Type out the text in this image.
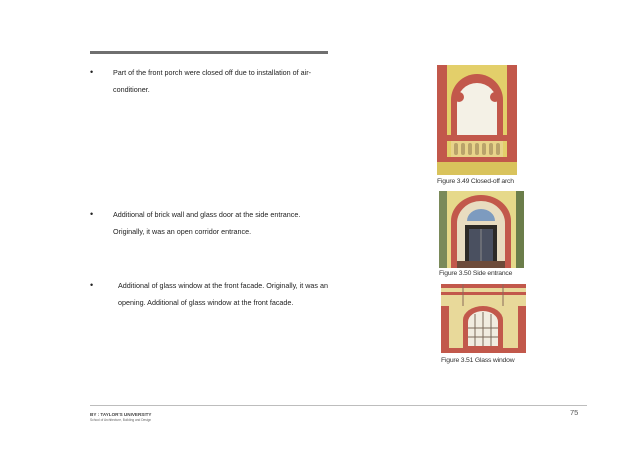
•	Part of the front porch were closed off due to installation of air-conditioner.
•	Additional of brick wall and glass door at the side entrance. Originally, it was an open corridor entrance.
•	Additional of glass window at the front facade. Originally, it was an opening. Additional of glass window at the front facade.
Figure 3.49 Closed-off arch
Figure 3.50 Side entrance
Figure 3.51 Glass window
75
BY : TAYLOR'S UNIVERSITY
School of Architecture, Building and Design
